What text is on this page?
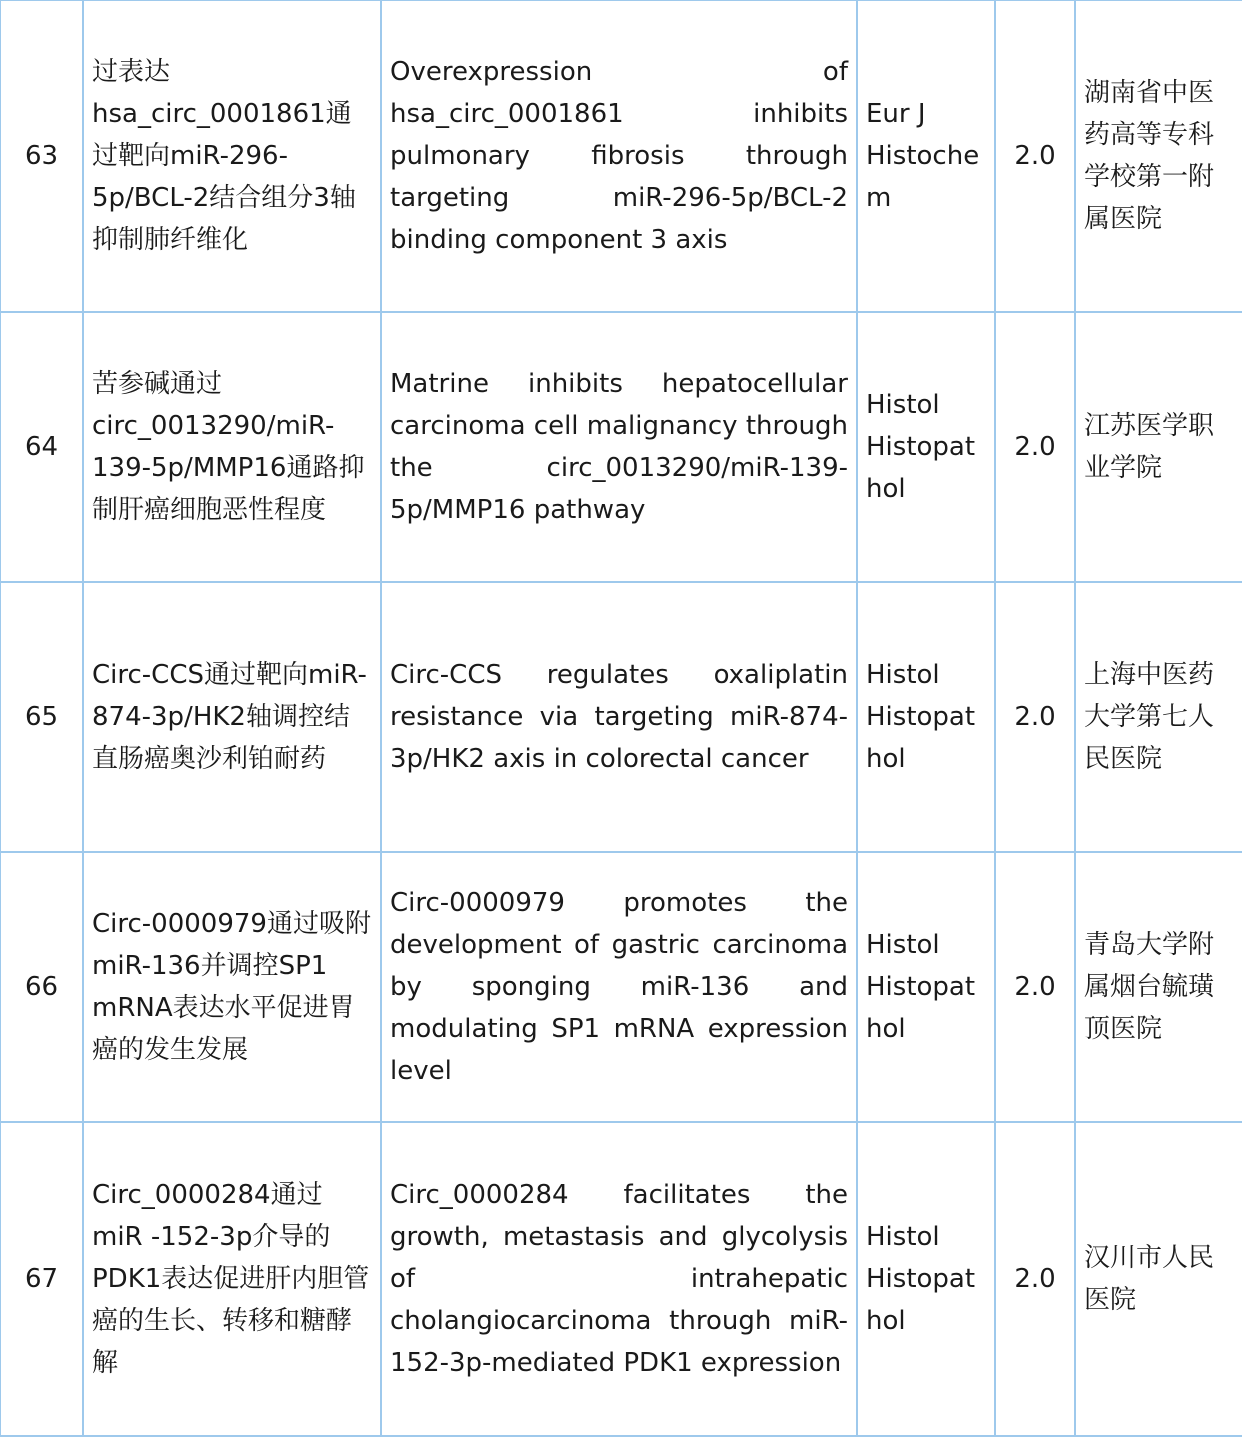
63	过表达hsa_circ_0001861通过靶向miR-296-5p/BCL-2结合组分3轴抑制肺纤维化	Overexpression of hsa_circ_0001861 inhibits pulmonary fibrosis through targeting miR-296-5p/BCL-2 binding component 3 axis	Eur J Histochem	2.0	湖南省中医药高等专科学校第一附属医院
64	苦参碱通过circ_0013290/miR-139-5p/MMP16通路抑制肝癌细胞恶性程度	Matrine inhibits hepatocellular carcinoma cell malignancy through the circ_0013290/miR-139-5p/MMP16 pathway	Histol Histopathol	2.0	江苏医学职业学院
65	Circ-CCS通过靶向miR-874-3p/HK2轴调控结直肠癌奥沙利铂耐药	Circ-CCS regulates oxaliplatin resistance via targeting miR-874-3p/HK2 axis in colorectal cancer	Histol Histopathol	2.0	上海中医药大学第七人民医院
66	Circ-0000979通过吸附miR-136并调控SP1 mRNA表达水平促进胃癌的发生发展	Circ-0000979 promotes the development of gastric carcinoma by sponging miR-136 and modulating SP1 mRNA expression level	Histol Histopathol	2.0	青岛大学附属烟台毓璜顶医院
67	Circ_0000284通过miR -152-3p介导的PDK1表达促进肝内胆管癌的生长、转移和糖酵解	Circ_0000284 facilitates the growth, metastasis and glycolysis of intrahepatic cholangiocarcinoma through miR-152-3p-mediated PDK1 expression	Histol Histopathol	2.0	汉川市人民医院
